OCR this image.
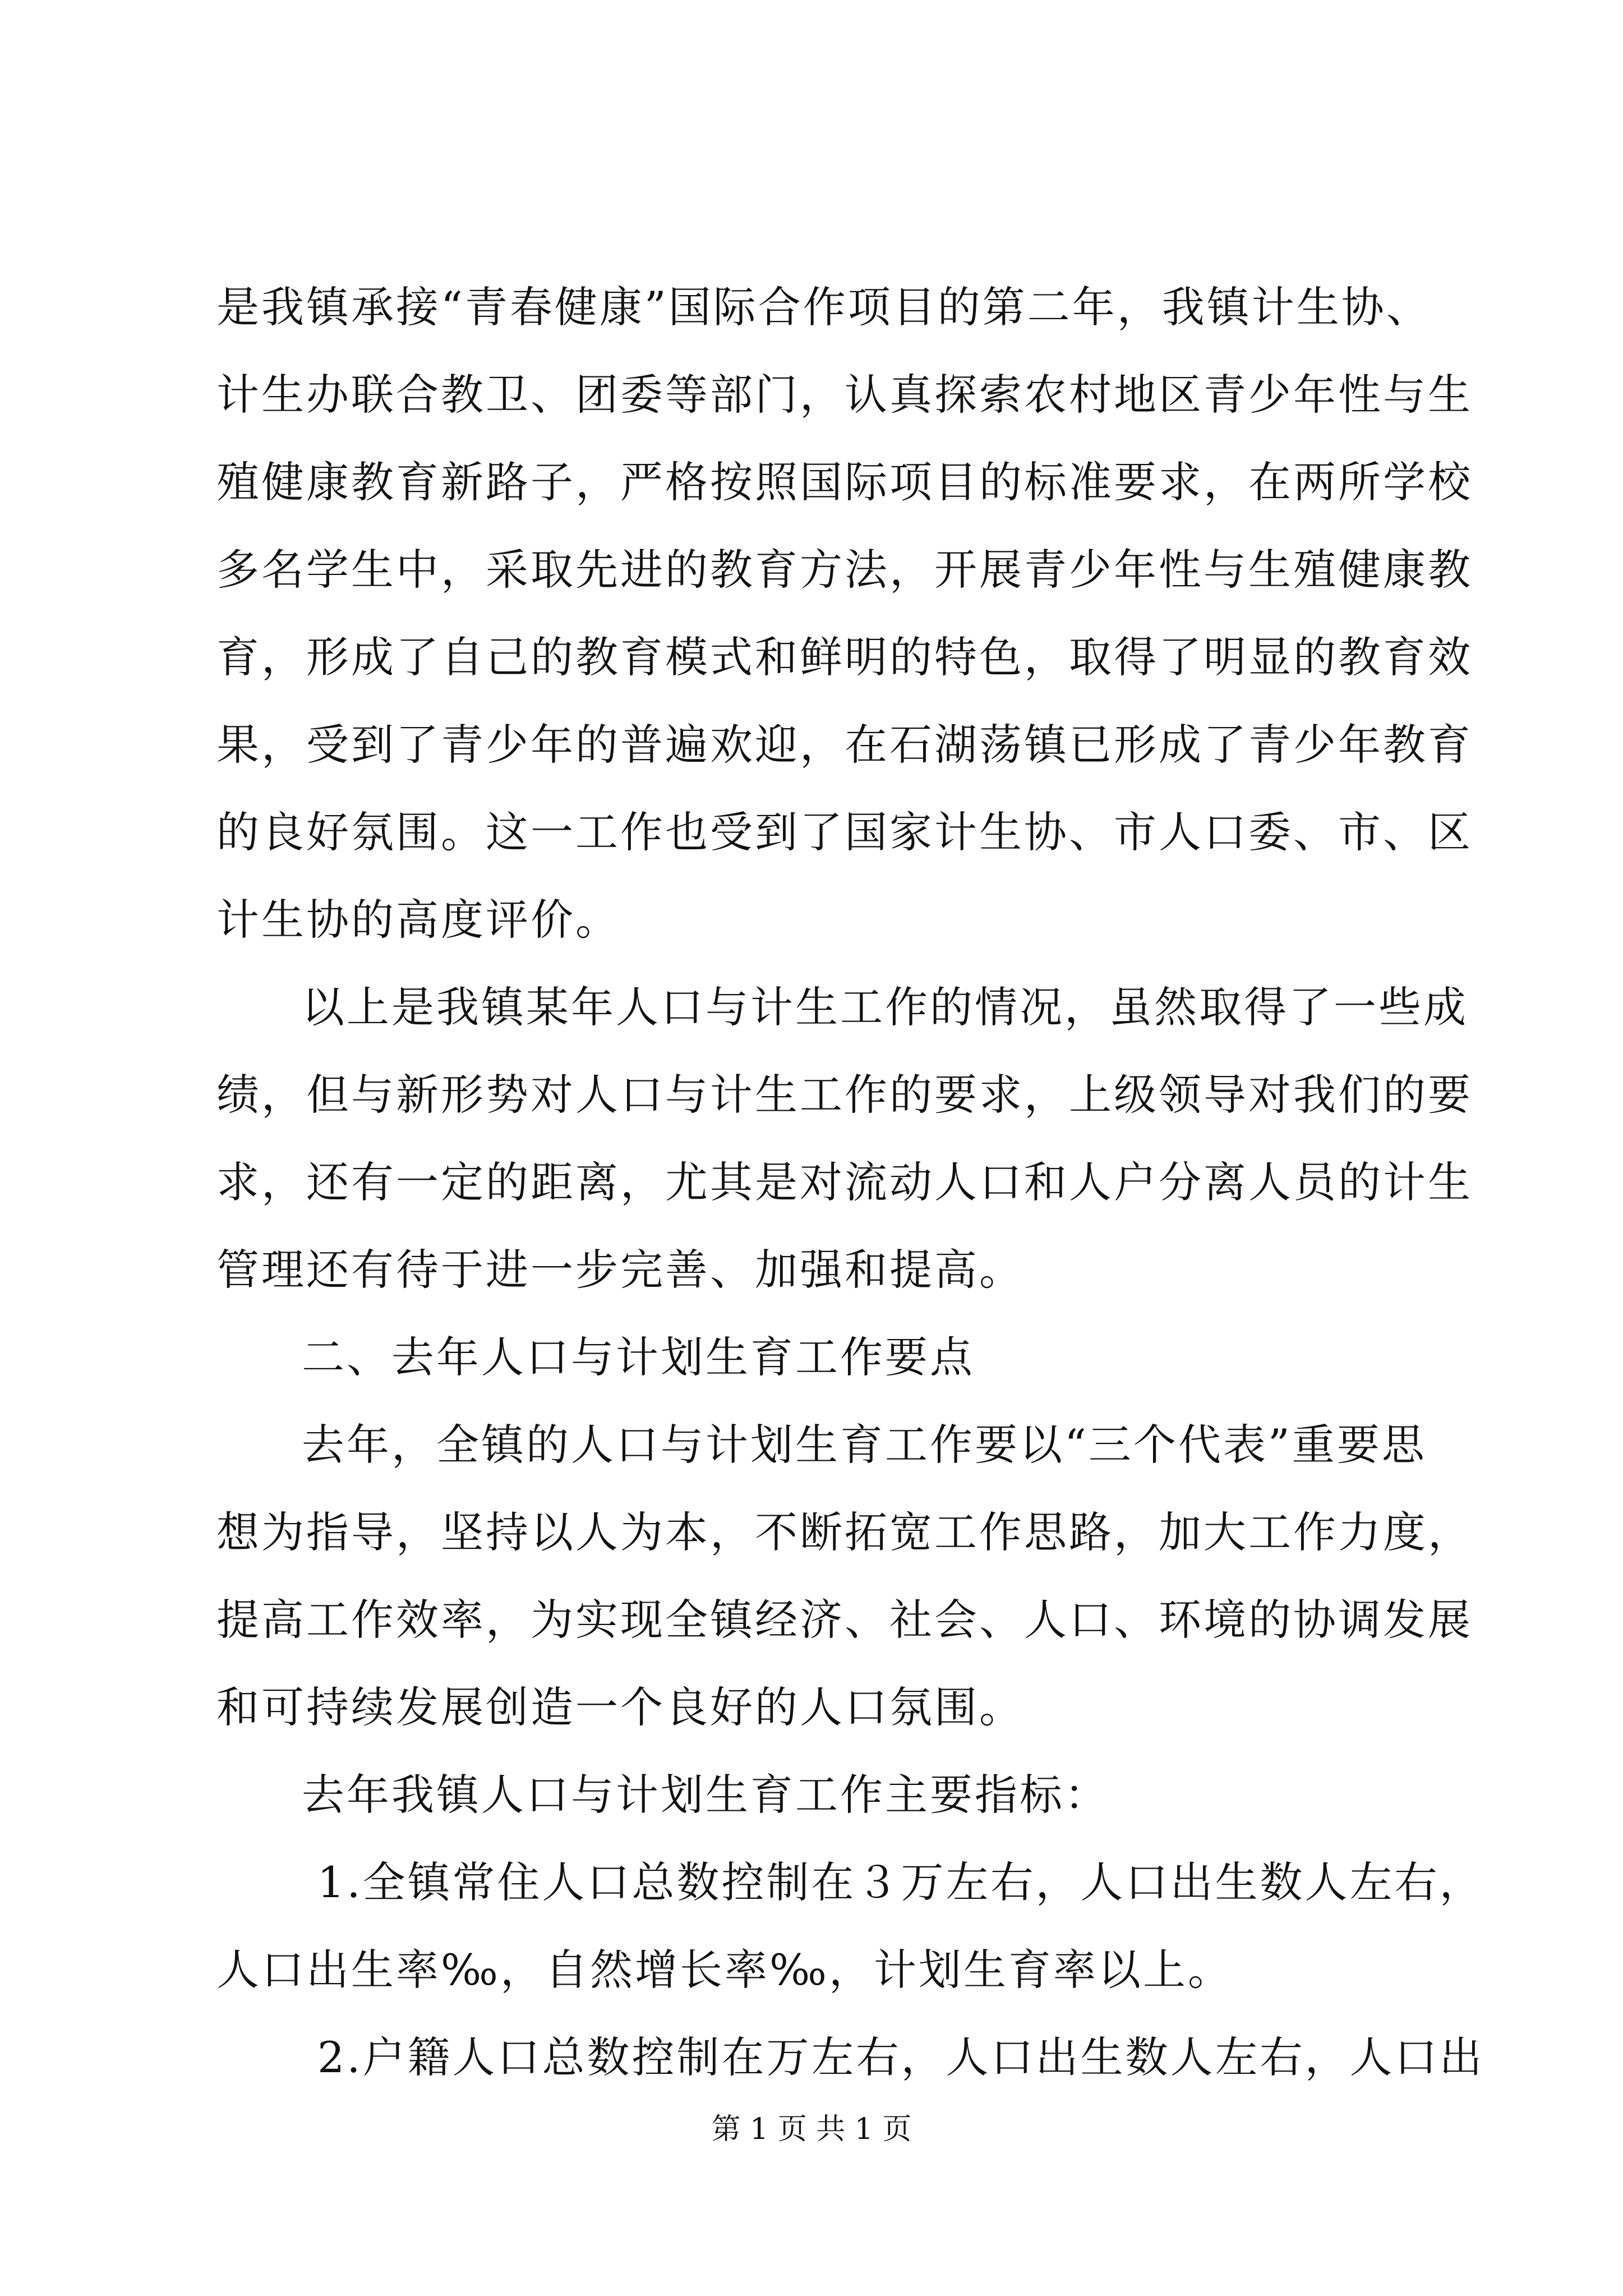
是我镇承接“青春健康”国际合作项目的第二年，我镇计生协、
计生办联合教卫、团委等部门，认真探索农村地区青少年性与生
殖健康教育新路子，严格按照国际项目的标准要求，在两所学校
多名学生中，采取先进的教育方法，开展青少年性与生殖健康教
育，形成了自己的教育模式和鲜明的特色，取得了明显的教育效
果，受到了青少年的普遍欢迎，在石湖荡镇已形成了青少年教育
的良好氛围。这一工作也受到了国家计生协、市人口委、市、区
计生协的高度评价。
以上是我镇某年人口与计生工作的情况，虽然取得了一些成
绩，但与新形势对人口与计生工作的要求，上级领导对我们的要
求，还有一定的距离，尤其是对流动人口和人户分离人员的计生
管理还有待于进一步完善、加强和提高。
二、去年人口与计划生育工作要点
去年，全镇的人口与计划生育工作要以“三个代表”重要思
想为指导，坚持以人为本，不断拓宽工作思路，加大工作力度，
提高工作效率，为实现全镇经济、社会、人口、环境的协调发展
和可持续发展创造一个良好的人口氛围。
去年我镇人口与计划生育工作主要指标：
1.全镇常住人口总数控制在３万左右，人口出生数人左右，
人口出生率‰，自然增长率‰，计划生育率以上。
2.户籍人口总数控制在万左右，人口出生数人左右，人口出
第 1 页 共 1 页
